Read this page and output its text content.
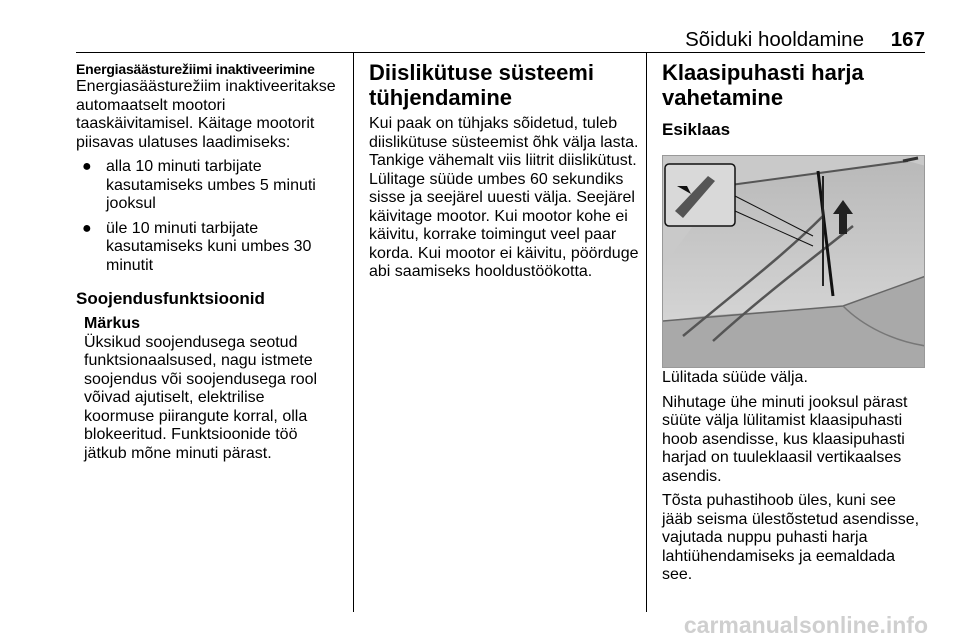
Sõiduki hooldamine	167
Energiasäästurežiimi inaktiveerimine

Energiasäästurežiim inaktiveeritakse automaatselt mootori taaskäivitamisel. Käitage mootorit piisavas ulatuses laadimiseks:

● alla 10 minuti tarbijate kasutamiseks umbes 5 minuti jooksul
● üle 10 minuti tarbijate kasutamiseks kuni umbes 30 minutit
Soojendusfunktsioonid
Märkus
Üksikud soojendusega seotud funktsionaalsused, nagu istmete soojendus või soojendusega rool võivad ajutiselt, elektrilise koormuse piirangute korral, olla blokeeritud. Funktsioonide töö jätkub mõne minuti pärast.
Diislikütuse süsteemi tühjendamine

Kui paak on tühjaks sõidetud, tuleb diislikütuse süsteemist õhk välja lasta. Tankige vähemalt viis liitrit diislikütust. Lülitage süüde umbes 60 sekundiks sisse ja seejärel uuesti välja. Seejärel käivitage mootor. Kui mootor kohe ei käivitu, korrake toimingut veel paar korda. Kui mootor ei käivitu, pöörduge abi saamiseks hooldustöökotta.

Klaasipuhasti harja vahetamine
Esiklaas

Lülitada süüde välja.

Nihutage ühe minuti jooksul pärast süüte välja lülitamist klaasipuhasti hoob asendisse, kus klaasipuhasti harjad on tuuleklaasil vertikaalses asendis.

Tõsta puhastihoob üles, kuni see jääb seisma ülestõstetud asendisse, vajutada nuppu puhasti harja lahtiühendamiseks ja eemaldada see.

carmanualsonline.info
